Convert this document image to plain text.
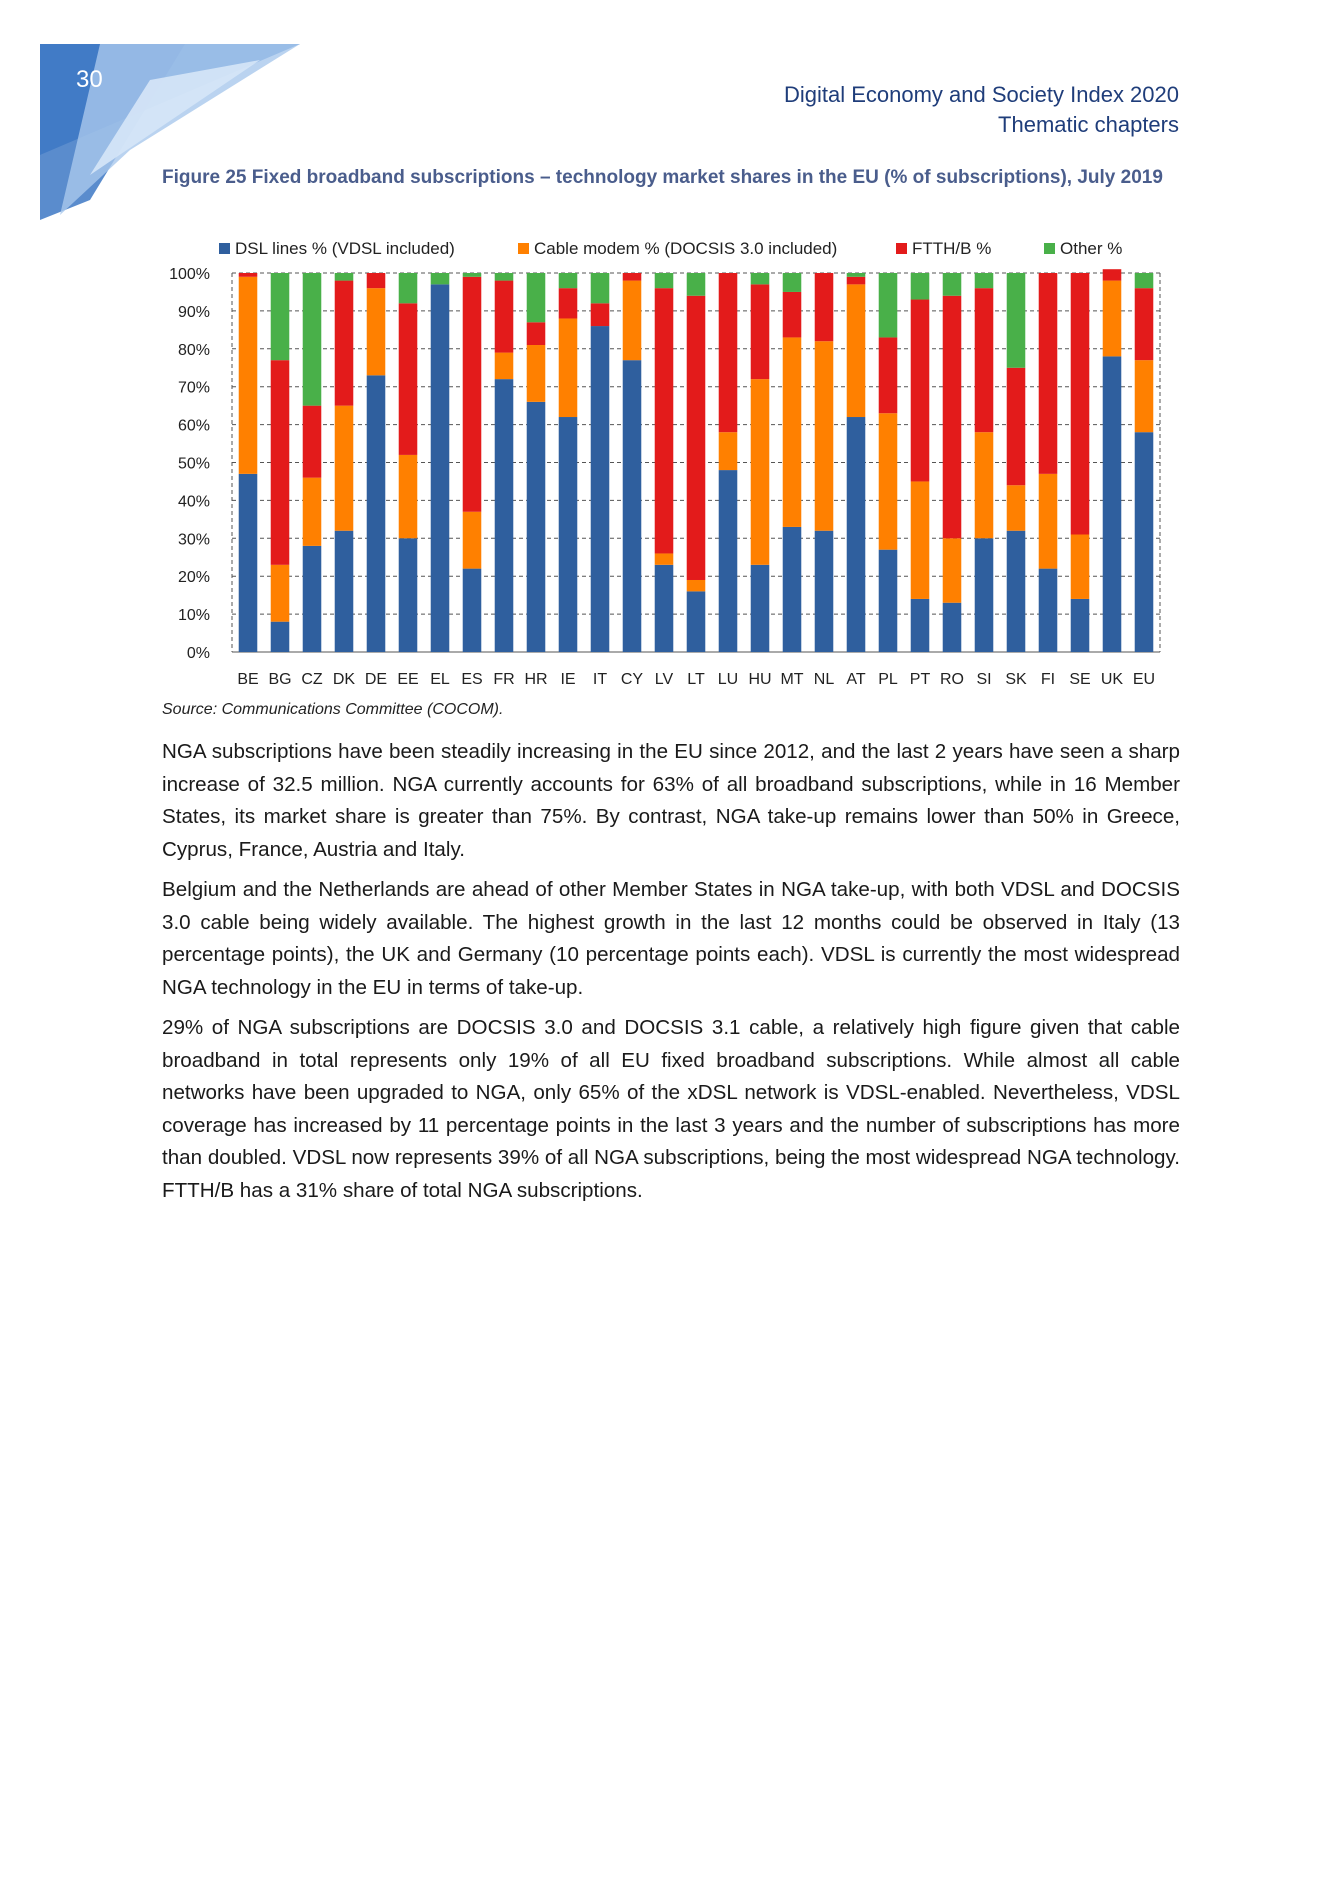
30
Digital Economy and Society Index 2020
Thematic chapters
Figure 25 Fixed broadband subscriptions – technology market shares in the EU (% of subscriptions), July 2019
DSL lines % (VDSL included)	Cable modem % (DOCSIS 3.0 included)	FTTH/B %	Other %
0%
10%
20%
30%
40%
50%
60%
70%
80%
90%
100%
BE BG CZ DK DE EE EL ES FR HR IE IT CY LV LT LU HU MT NL AT PL PT RO SI SK FI SE UK EU
Source: Communications Committee (COCOM).

NGA subscriptions have been steadily increasing in the EU since 2012, and the last 2 years have seen a sharp increase of 32.5 million. NGA currently accounts for 63% of all broadband subscriptions, while in 16 Member States, its market share is greater than 75%. By contrast, NGA take-up remains lower than 50% in Greece, Cyprus, France, Austria and Italy.

Belgium and the Netherlands are ahead of other Member States in NGA take-up, with both VDSL and DOCSIS 3.0 cable being widely available. The highest growth in the last 12 months could be observed in Italy (13 percentage points), the UK and Germany (10 percentage points each). VDSL is currently the most widespread NGA technology in the EU in terms of take-up.

29% of NGA subscriptions are DOCSIS 3.0 and DOCSIS 3.1 cable, a relatively high figure given that cable broadband in total represents only 19% of all EU fixed broadband subscriptions. While almost all cable networks have been upgraded to NGA, only 65% of the xDSL network is VDSL-enabled. Nevertheless, VDSL coverage has increased by 11 percentage points in the last 3 years and the number of subscriptions has more than doubled. VDSL now represents 39% of all NGA subscriptions, being the most widespread NGA technology. FTTH/B has a 31% share of total NGA subscriptions.
